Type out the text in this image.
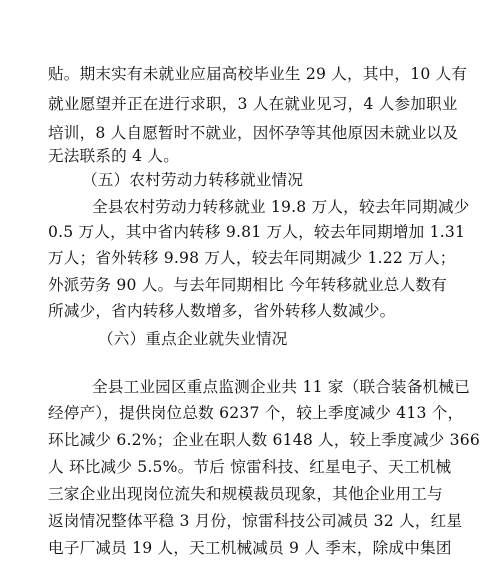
贴。期末实有未就业应届高校毕业生 29 人，其中，10 人有
就业愿望并正在进行求职，3 人在就业见习，4 人参加职业
培训，8 人自愿暂时不就业，因怀孕等其他原因未就业以及
无法联系的 4 人。
（五）农村劳动力转移就业情况
全县农村劳动力转移就业 19.8 万人，较去年同期减少
0.5 万人，其中省内转移 9.81 万人，较去年同期增加 1.31
万人；省外转移 9.98 万人，较去年同期减少 1.22 万人；
外派劳务 90 人。与去年同期相比 今年转移就业总人数有
所减少，省内转移人数增多，省外转移人数减少。
（六）重点企业就失业情况
全县工业园区重点监测企业共 11 家（联合装备机械已
经停产），提供岗位总数 6237 个，较上季度减少 413 个，
环比减少 6.2%；企业在职人数 6148 人，较上季度减少 366
人 环比减少 5.5%。节后 惊雷科技、红星电子、天工机械
三家企业出现岗位流失和规模裁员现象，其他企业用工与
返岗情况整体平稳 3 月份，惊雷科技公司减员 32 人，红星
电子厂减员 19 人，天工机械减员 9 人 季末，除成中集团
